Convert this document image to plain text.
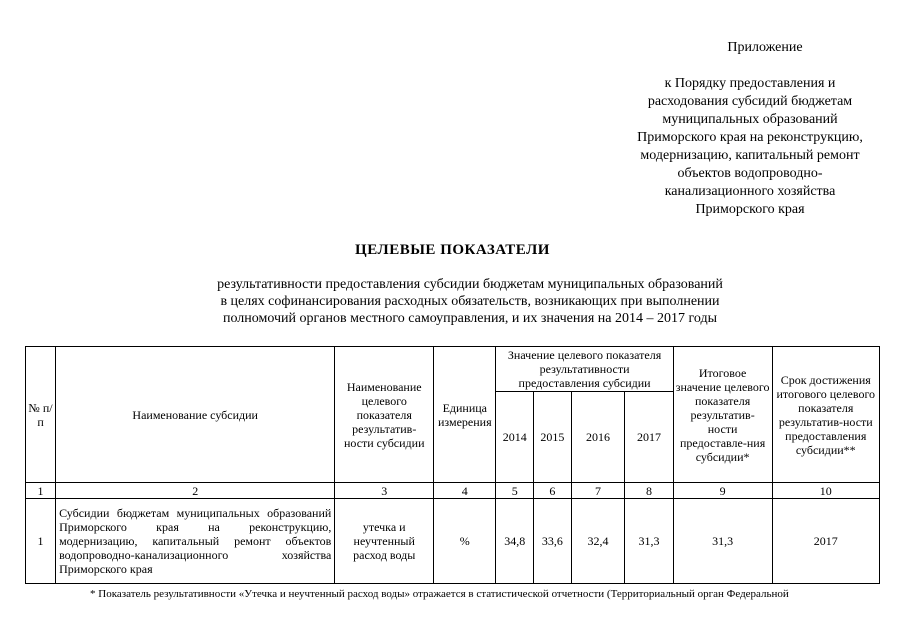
Приложение
к Порядку предоставления и
расходования субсидий бюджетам
муниципальных образований
Приморского края на реконструкцию,
модернизацию, капитальный ремонт
объектов водопроводно-
канализационного хозяйства
Приморского края
ЦЕЛЕВЫЕ ПОКАЗАТЕЛИ
результативности предоставления субсидии бюджетам муниципальных образований
в целях софинансирования расходных обязательств, возникающих при выполнении
полномочий органов местного самоуправления, и их значения на 2014 – 2017 годы
№ п/п	Наименование субсидии	Наименование целевого показателя результатив-ности субсидии	Единица измерения	Значение целевого показателя результативности предоставления субсидии				Итоговое значение целевого показателя результатив-ности предоставле-ния субсидии*	Срок достижения итогового целевого показателя результатив-ности предоставления субсидии**
				2014	2015	2016	2017		
1	2	3	4	5	6	7	8	9	10
1	Субсидии бюджетам муниципальных образований Приморского края на реконструкцию, модернизацию, капитальный ремонт объектов водопроводно-канализационного хозяйства Приморского края	утечка и неучтенный расход воды	%	34,8	33,6	32,4	31,3	31,3	2017
* Показатель результативности «Утечка и неучтенный расход воды» отражается в статистической отчетности (Территориальный орган Федеральной
